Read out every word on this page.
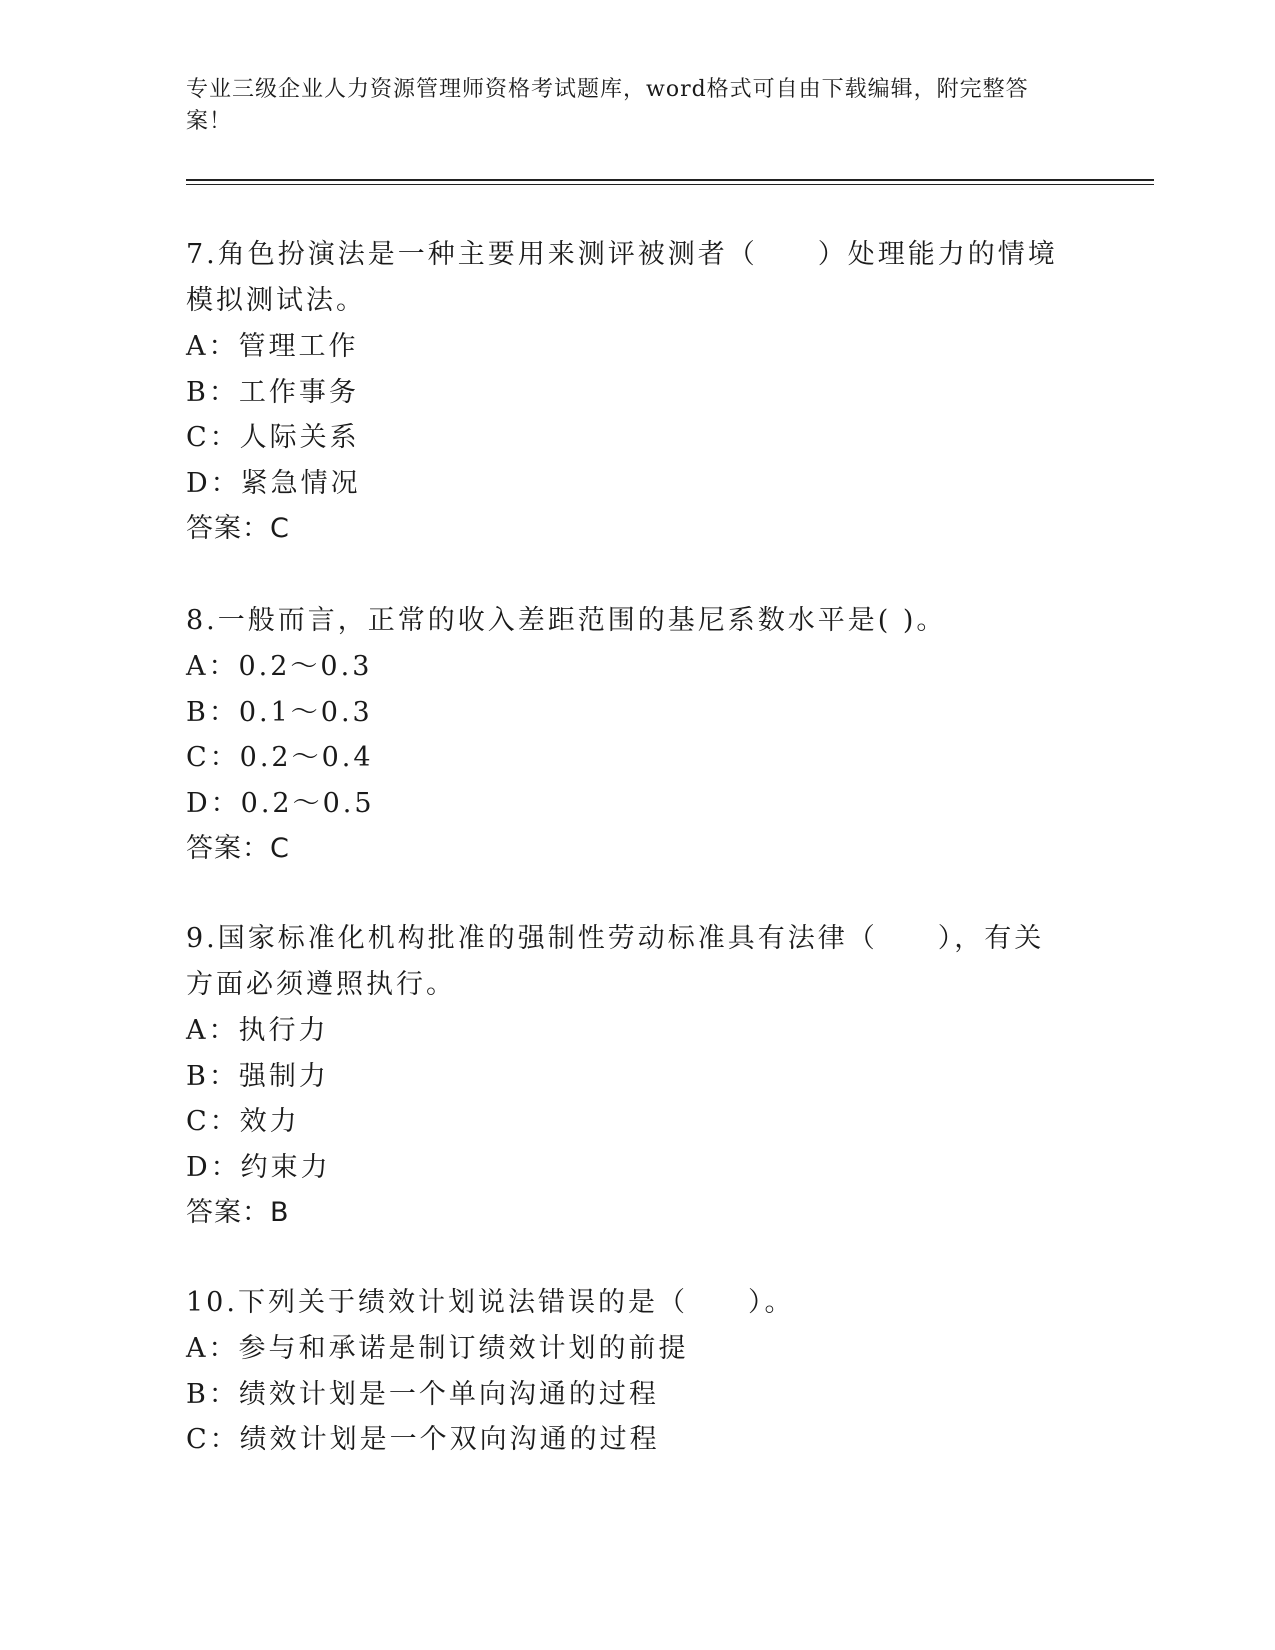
专业三级企业人力资源管理师资格考试题库，word格式可自由下载编辑，附完整答案！

7.角色扮演法是一种主要用来测评被测者（　　）处理能力的情境模拟测试法。

A：管理工作

B：工作事务

C：人际关系

D：紧急情况

答案：C

8.一般而言，正常的收入差距范围的基尼系数水平是( )。

A：0.2～0.3

B：0.1～0.3

C：0.2～0.4

D：0.2～0.5

答案：C

9.国家标准化机构批准的强制性劳动标准具有法律（　　），有关方面必须遵照执行。

A：执行力

B：强制力

C：效力

D：约束力

答案：B

10.下列关于绩效计划说法错误的是（　　）。

A：参与和承诺是制订绩效计划的前提

B：绩效计划是一个单向沟通的过程

C：绩效计划是一个双向沟通的过程
